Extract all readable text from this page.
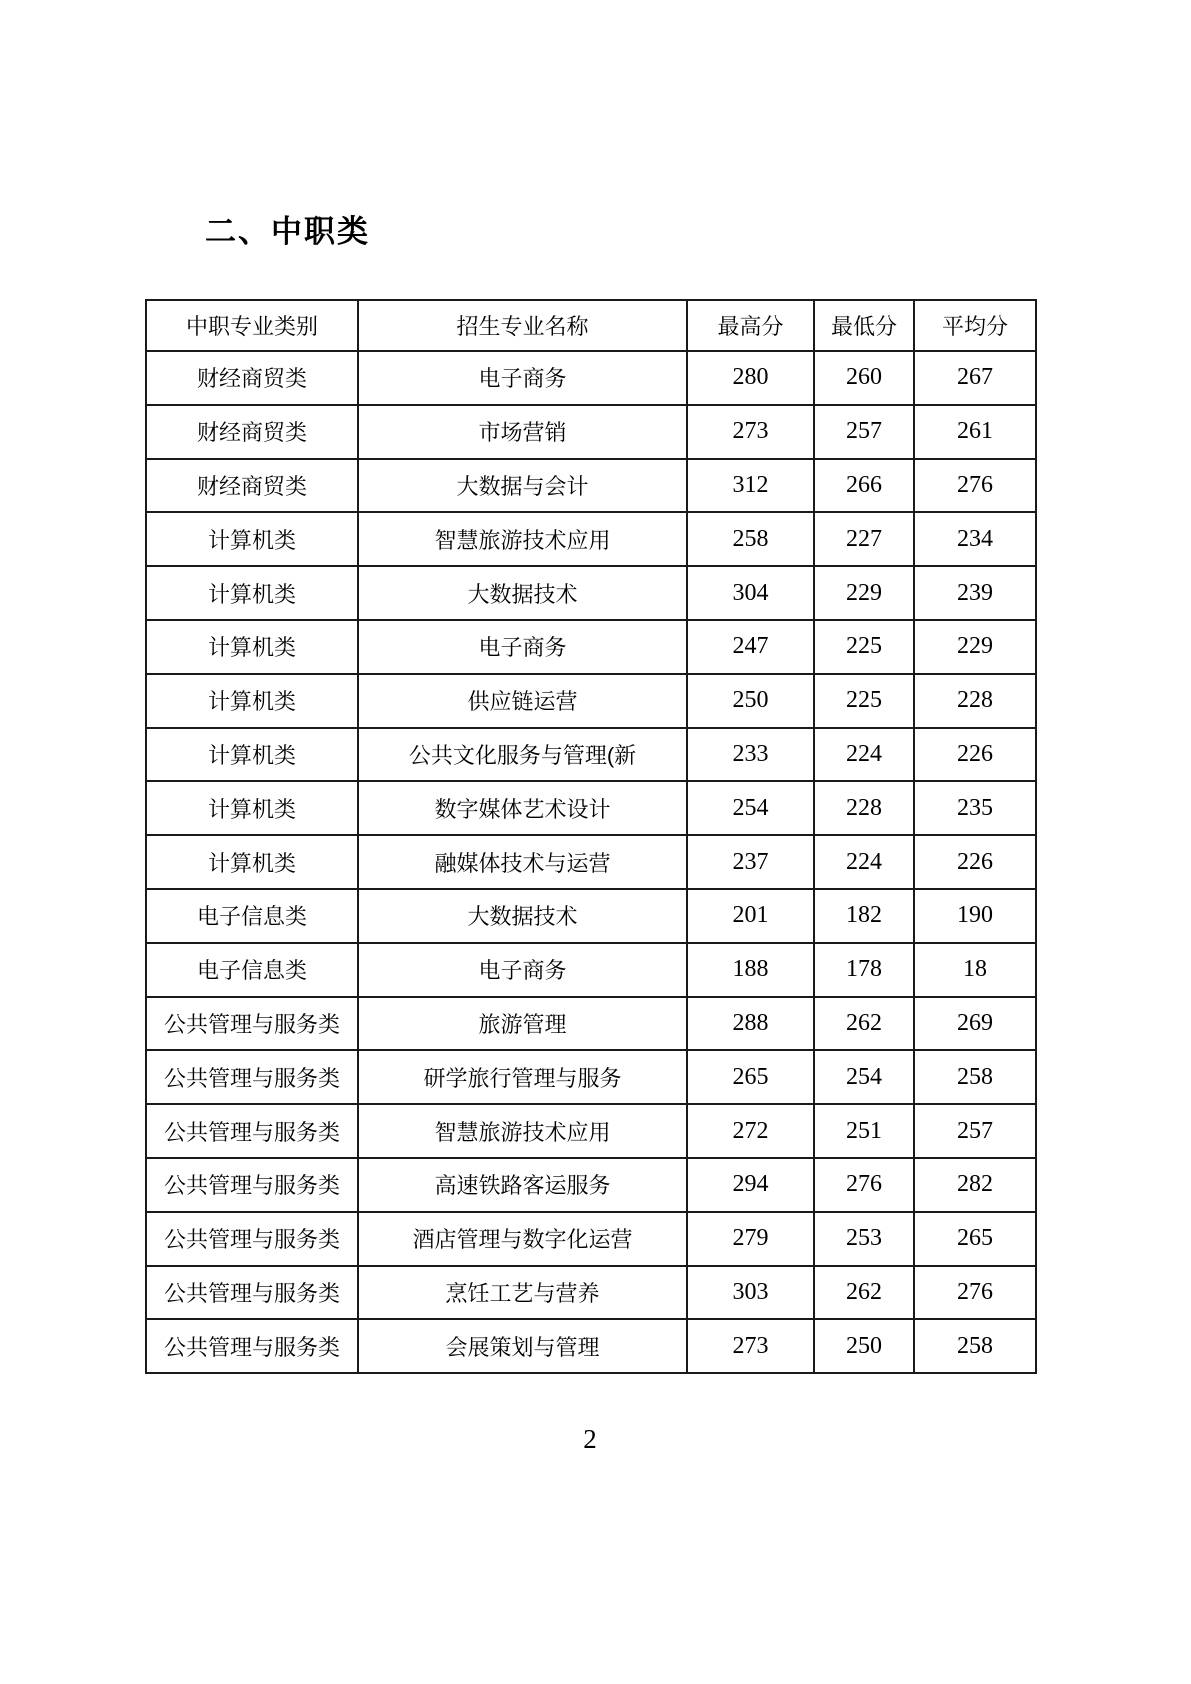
二、中职类
中职专业类别	招生专业名称	最高分	最低分	平均分
财经商贸类	电子商务	280	260	267
财经商贸类	市场营销	273	257	261
财经商贸类	大数据与会计	312	266	276
计算机类	智慧旅游技术应用	258	227	234
计算机类	大数据技术	304	229	239
计算机类	电子商务	247	225	229
计算机类	供应链运营	250	225	228
计算机类	公共文化服务与管理(新	233	224	226
计算机类	数字媒体艺术设计	254	228	235
计算机类	融媒体技术与运营	237	224	226
电子信息类	大数据技术	201	182	190
电子信息类	电子商务	188	178	18
公共管理与服务类	旅游管理	288	262	269
公共管理与服务类	研学旅行管理与服务	265	254	258
公共管理与服务类	智慧旅游技术应用	272	251	257
公共管理与服务类	高速铁路客运服务	294	276	282
公共管理与服务类	酒店管理与数字化运营	279	253	265
公共管理与服务类	烹饪工艺与营养	303	262	276
公共管理与服务类	会展策划与管理	273	250	258
2
